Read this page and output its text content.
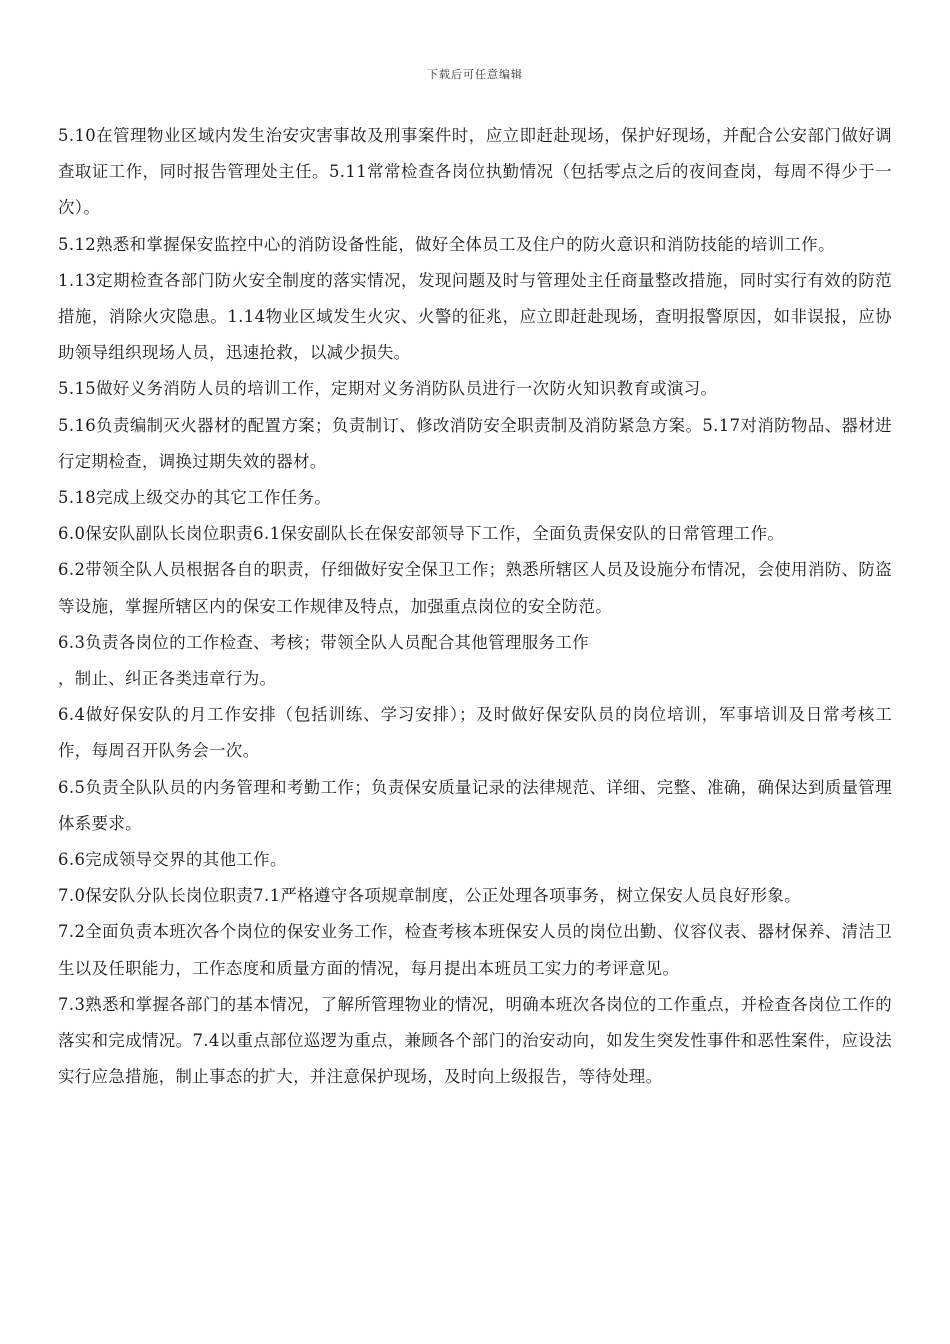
下载后可任意编辑

5.10在管理物业区域内发生治安灾害事故及刑事案件时，应立即赶赴现场，保护好现场，并配合公安部门做好调查取证工作，同时报告管理处主任。5.11常常检查各岗位执勤情况（包括零点之后的夜间查岗，每周不得少于一次）。

5.12熟悉和掌握保安监控中心的消防设备性能，做好全体员工及住户的防火意识和消防技能的培训工作。

1.13定期检查各部门防火安全制度的落实情况，发现问题及时与管理处主任商量整改措施，同时实行有效的防范措施，消除火灾隐患。1.14物业区域发生火灾、火警的征兆，应立即赶赴现场，查明报警原因，如非误报，应协助领导组织现场人员，迅速抢救，以减少损失。

5.15做好义务消防人员的培训工作，定期对义务消防队员进行一次防火知识教育或演习。

5.16负责编制灭火器材的配置方案；负责制订、修改消防安全职责制及消防紧急方案。5.17对消防物品、器材进行定期检查，调换过期失效的器材。

5.18完成上级交办的其它工作任务。

6.0保安队副队长岗位职责6.1保安副队长在保安部领导下工作，全面负责保安队的日常管理工作。

6.2带领全队人员根据各自的职责，仔细做好安全保卫工作；熟悉所辖区人员及设施分布情况，会使用消防、防盗等设施，掌握所辖区内的保安工作规律及特点，加强重点岗位的安全防范。

6.3负责各岗位的工作检查、考核；带领全队人员配合其他管理服务工作

，制止、纠正各类违章行为。

6.4做好保安队的月工作安排（包括训练、学习安排）；及时做好保安队员的岗位培训，军事培训及日常考核工作，每周召开队务会一次。

6.5负责全队队员的内务管理和考勤工作；负责保安质量记录的法律规范、详细、完整、准确，确保达到质量管理体系要求。

6.6完成领导交界的其他工作。

7.0保安队分队长岗位职责7.1严格遵守各项规章制度，公正处理各项事务，树立保安人员良好形象。

7.2全面负责本班次各个岗位的保安业务工作，检查考核本班保安人员的岗位出勤、仪容仪表、器材保养、清洁卫生以及任职能力，工作态度和质量方面的情况，每月提出本班员工实力的考评意见。

7.3熟悉和掌握各部门的基本情况，了解所管理物业的情况，明确本班次各岗位的工作重点，并检查各岗位工作的落实和完成情况。7.4以重点部位巡逻为重点，兼顾各个部门的治安动向，如发生突发性事件和恶性案件，应设法实行应急措施，制止事态的扩大，并注意保护现场，及时向上级报告，等待处理。
